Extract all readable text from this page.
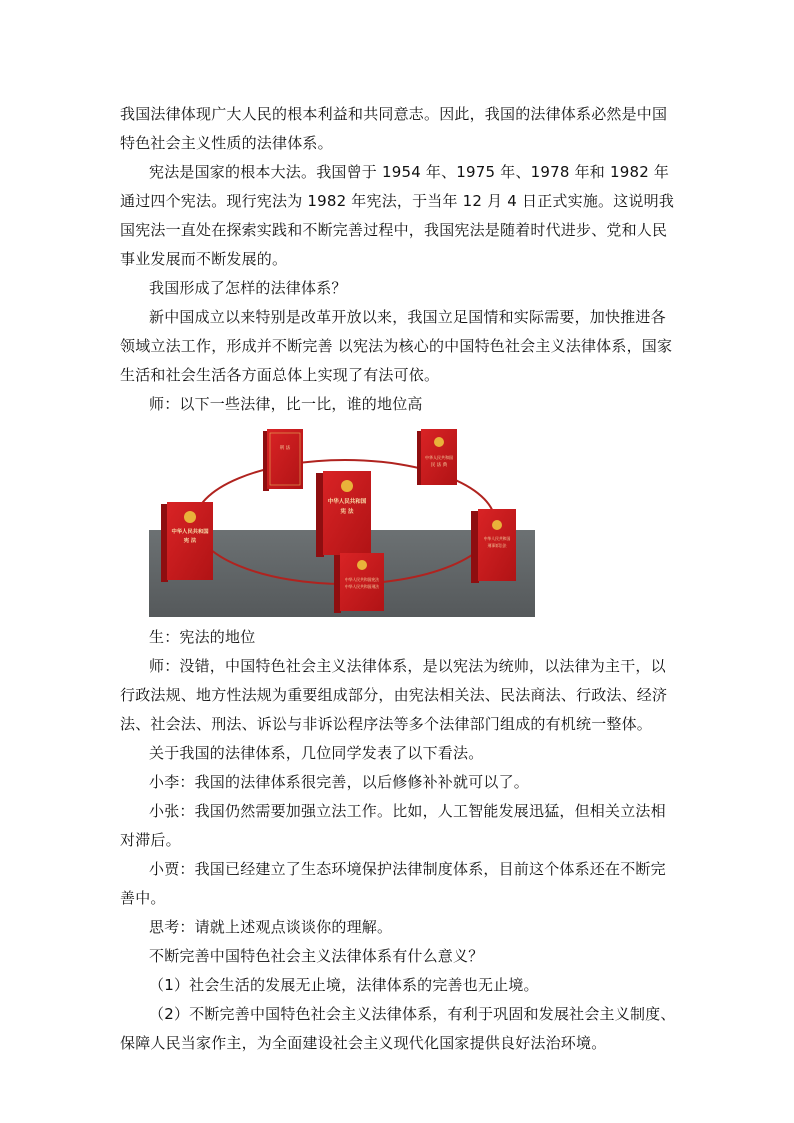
我国法律体现广大人民的根本利益和共同意志。因此，我国的法律体系必然是中国特色社会主义性质的法律体系。

宪法是国家的根本大法。我国曾于 1954 年、1975 年、1978 年和 1982 年通过四个宪法。现行宪法为 1982 年宪法，于当年 12 月 4 日正式实施。这说明我国宪法一直处在探索实践和不断完善过程中，我国宪法是随着时代进步、党和人民事业发展而不断发展的。

我国形成了怎样的法律体系？

新中国成立以来特别是改革开放以来，我国立足国情和实际需要，加快推进各领域立法工作，形成并不断完善 以宪法为核心的中国特色社会主义法律体系，国家生活和社会生活各方面总体上实现了有法可依。

师：以下一些法律，比一比，谁的地位高

刑 法
中华人民共和国
民 法 典
中华人民共和国
宪 法
中华人民共和国
宪 法
中华人民共和国
刑事诉讼法
中华人民共和国宪法
中华人民共和国刑法

生：宪法的地位

师：没错，中国特色社会主义法律体系，是以宪法为统帅，以法律为主干，以行政法规、地方性法规为重要组成部分，由宪法相关法、民法商法、行政法、经济法、社会法、刑法、诉讼与非诉讼程序法等多个法律部门组成的有机统一整体。

关于我国的法律体系，几位同学发表了以下看法。

小李：我国的法律体系很完善，以后修修补补就可以了。

小张：我国仍然需要加强立法工作。比如，人工智能发展迅猛，但相关立法相对滞后。

小贾：我国已经建立了生态环境保护法律制度体系，目前这个体系还在不断完善中。

思考：请就上述观点谈谈你的理解。

不断完善中国特色社会主义法律体系有什么意义？

（1）社会生活的发展无止境，法律体系的完善也无止境。

（2）不断完善中国特色社会主义法律体系，有利于巩固和发展社会主义制度、保障人民当家作主，为全面建设社会主义现代化国家提供良好法治环境。
